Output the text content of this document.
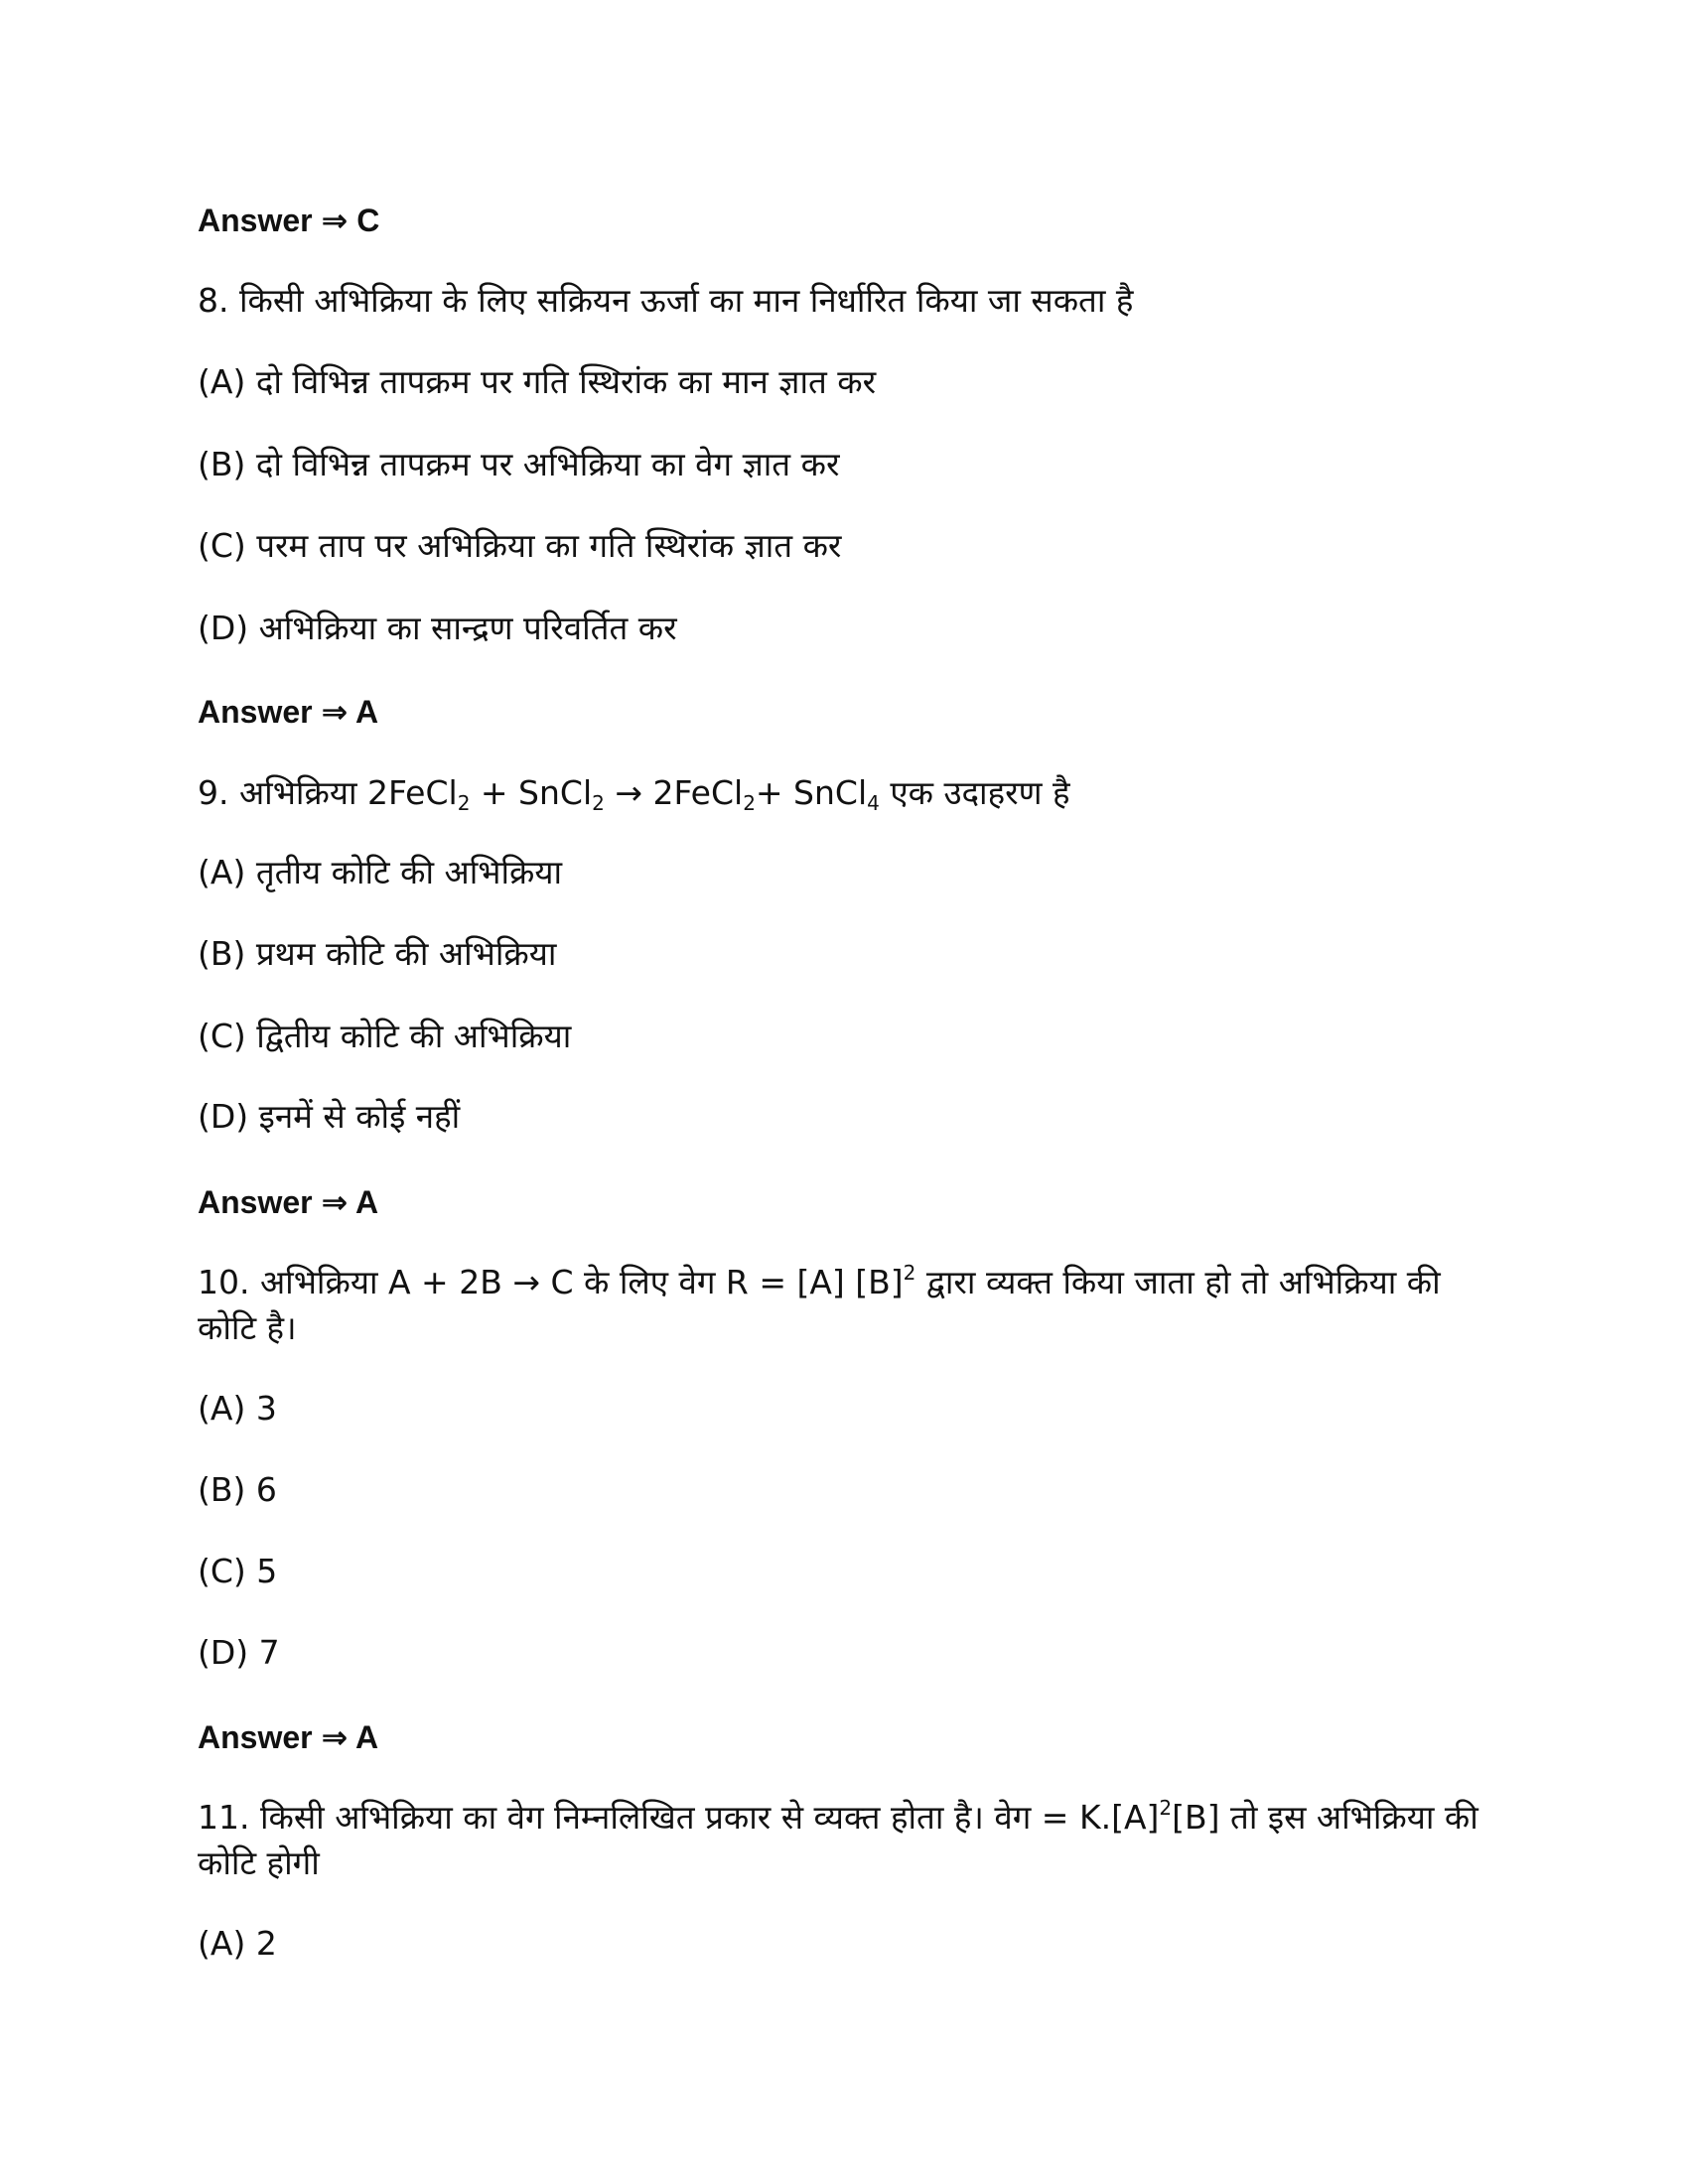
Answer ⇒ C
8. किसी अभिक्रिया के लिए सक्रियन ऊर्जा का मान निर्धारित किया जा सकता है
(A) दो विभिन्न तापक्रम पर गति स्थिरांक का मान ज्ञात कर
(B) दो विभिन्न तापक्रम पर अभिक्रिया का वेग ज्ञात कर
(C) परम ताप पर अभिक्रिया का गति स्थिरांक ज्ञात कर
(D) अभिक्रिया का सान्द्रण परिवर्तित कर
Answer ⇒ A
9. अभिक्रिया 2FeCl$_2$ + SnCl$_2$ → 2FeCl$_2$+ SnCl$_4$ एक उदाहरण है
(A) तृतीय कोटि की अभिक्रिया
(B) प्रथम कोटि की अभिक्रिया
(C) द्वितीय कोटि की अभिक्रिया
(D) इनमें से कोई नहीं
Answer ⇒ A
10. अभिक्रिया A + 2B → C के लिए वेग R = [A] $[B]^2$ द्वारा व्यक्त किया जाता हो तो अभिक्रिया की
कोटि है।
(A) 3
(B) 6
(C) 5
(D) 7
Answer ⇒ A
11. किसी अभिक्रिया का वेग निम्नलिखित प्रकार से व्यक्त होता है। वेग = $K.[A]^2[B]$ तो इस अभिक्रिया की
कोटि होगी
(A) 2
